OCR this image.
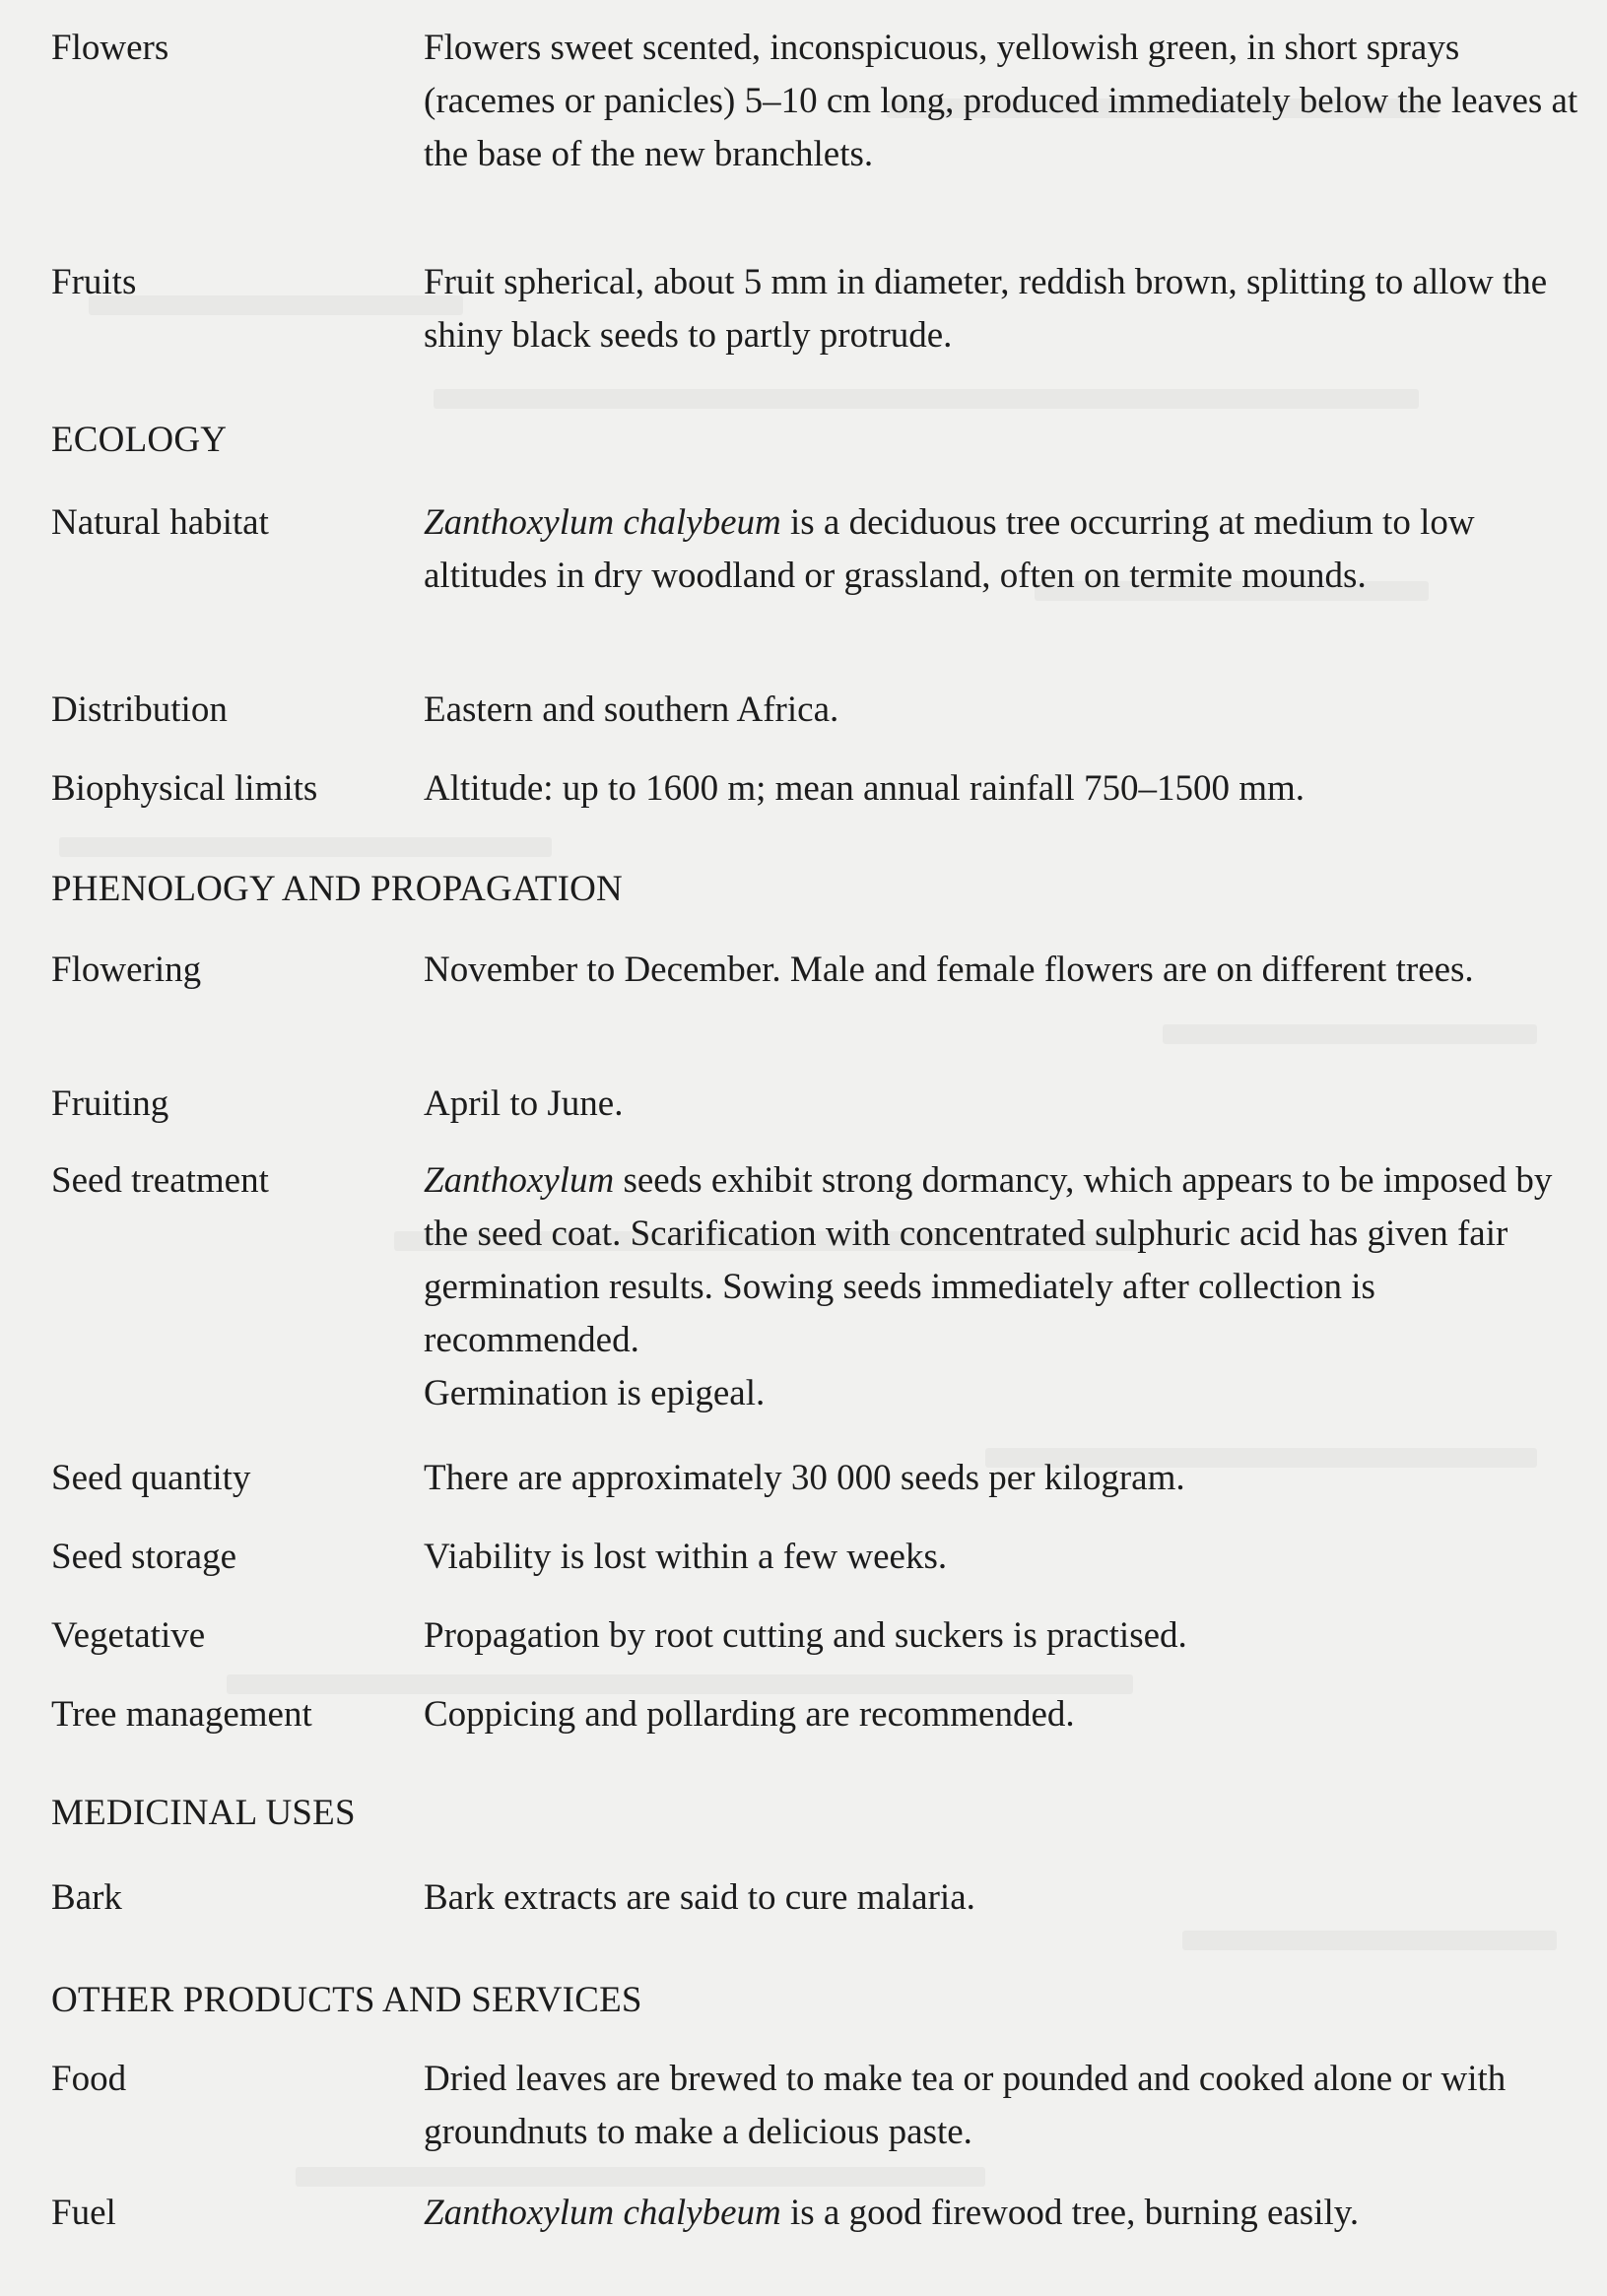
Flowers	Flowers sweet scented, inconspicuous, yellowish green, in short sprays (racemes or panicles) 5–10 cm long, produced immediately below the leaves at the base of the new branchlets.
Fruits	Fruit spherical, about 5 mm in diameter, reddish brown, splitting to allow the shiny black seeds to partly protrude.
ECOLOGY
Natural habitat	Zanthoxylum chalybeum is a deciduous tree occurring at medium to low altitudes in dry woodland or grassland, often on termite mounds.
Distribution	Eastern and southern Africa.
Biophysical limits	Altitude: up to 1600 m; mean annual rainfall 750–1500 mm.
PHENOLOGY AND PROPAGATION
Flowering	November to December. Male and female flowers are on different trees.
Fruiting	April to June.
Seed treatment	Zanthoxylum seeds exhibit strong dormancy, which appears to be imposed by the seed coat. Scarification with concentrated sulphuric acid has given fair germination results. Sowing seeds immediately after collection is recommended.

Germination is epigeal.

Seed quantity	There are approximately 30 000 seeds per kilogram.
Seed storage	Viability is lost within a few weeks.
Vegetative	Propagation by root cutting and suckers is practised.
Tree management	Coppicing and pollarding are recommended.
MEDICINAL USES
Bark	Bark extracts are said to cure malaria.
OTHER PRODUCTS AND SERVICES
Food	Dried leaves are brewed to make tea or pounded and cooked alone or with groundnuts to make a delicious paste.
Fuel	Zanthoxylum chalybeum is a good firewood tree, burning easily.
